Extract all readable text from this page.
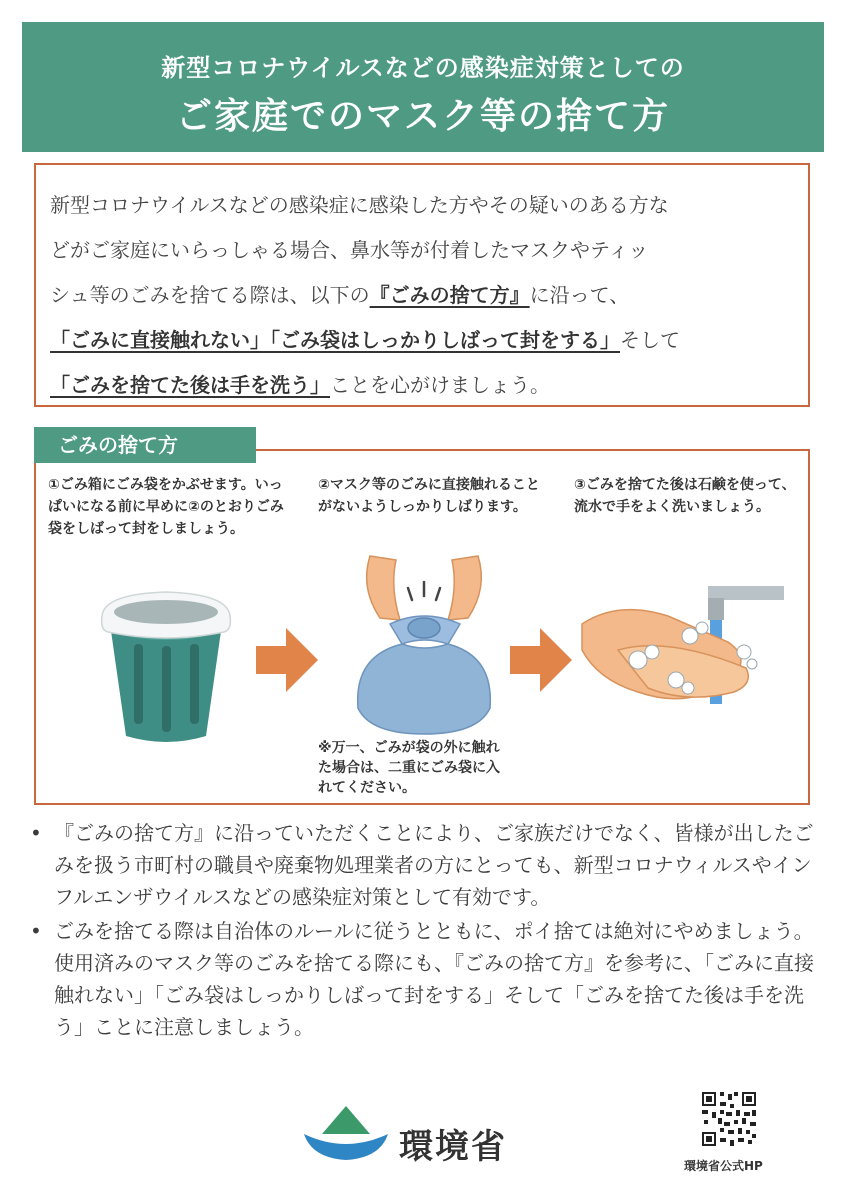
新型コロナウイルスなどの感染症対策としての
ご家庭でのマスク等の捨て方
新型コロナウイルスなどの感染症に感染した方やその疑いのある方な
どがご家庭にいらっしゃる場合、鼻水等が付着したマスクやティッ
シュ等のごみを捨てる際は、以下の『ごみの捨て方』に沿って、
「ごみに直接触れない」「ごみ袋はしっかりしばって封をする」そして
「ごみを捨てた後は手を洗う」ことを心がけましょう。
ごみの捨て方
①ごみ箱にごみ袋をかぶせます。いっぱいになる前に早めに②のとおりごみ袋をしばって封をしましょう。
②マスク等のごみに直接触れることがないようしっかりしばります。
③ごみを捨てた後は石鹸を使って、流水で手をよく洗いましょう。
※万一、ごみが袋の外に触れた場合は、二重にごみ袋に入れてください。
• 『ごみの捨て方』に沿っていただくことにより、ご家族だけでなく、皆様が出したごみを扱う市町村の職員や廃棄物処理業者の方にとっても、新型コロナウィルスやインフルエンザウイルスなどの感染症対策として有効です。
• ごみを捨てる際は自治体のルールに従うとともに、ポイ捨ては絶対にやめましょう。使用済みのマスク等のごみを捨てる際にも、『ごみの捨て方』を参考に、「ごみに直接触れない」「ごみ袋はしっかりしばって封をする」そして「ごみを捨てた後は手を洗う」ことに注意しましょう。
環境省	環境省公式HP
